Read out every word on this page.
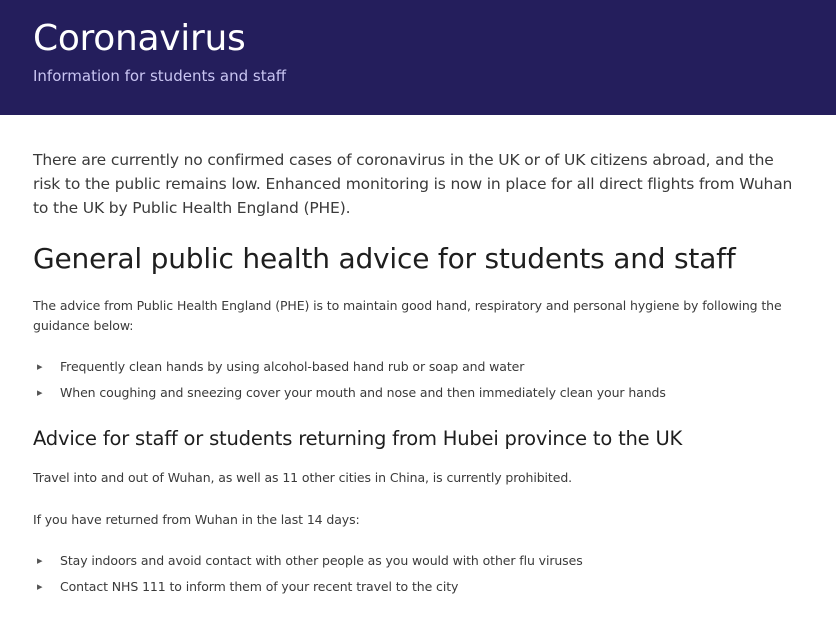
Coronavirus

Information for students and staff

There are currently no confirmed cases of coronavirus in the UK or of UK citizens abroad, and the risk to the public remains low. Enhanced monitoring is now in place for all direct flights from Wuhan to the UK by Public Health England (PHE).

General public health advice for students and staff

The advice from Public Health England (PHE) is to maintain good hand, respiratory and personal hygiene by following the guidance below:

▸ Frequently clean hands by using alcohol-based hand rub or soap and water
▸ When coughing and sneezing cover your mouth and nose and then immediately clean your hands
Advice for staff or students returning from Hubei province to the UK

Travel into and out of Wuhan, as well as 11 other cities in China, is currently prohibited.

If you have returned from Wuhan in the last 14 days:

▸ Stay indoors and avoid contact with other people as you would with other flu viruses
▸ Contact NHS 111 to inform them of your recent travel to the city
